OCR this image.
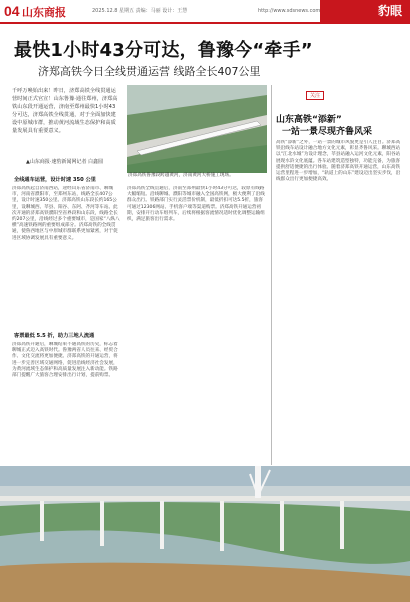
04 山东商报	2025.12.8 星期五 责编：马丽 设计：王慧	http://www.sdsnews.com	豹眼
最快1小时43分可达，鲁豫今“牵手”
济郑高铁今日全线贯通运营 线路全长407公里
千呼万唤始出来！昨日，济郑高铁全线贯通运营时间正式官宣！山东鲁豫·通往郑州，济郑高铁山东段开通运营，济南至郑州最快1小时43分可达，济郑高铁全线贯通，对于全面加快建设中原城市群，推动黄河流域生态保护和高质量发展具有重要意义。
▲山东商报·速豹新闻网记者 白鑫圆
济郑高铁鲁豫段跨越黄河，济南黄河大桥施工现场。
关注
山东高铁“添新”
一站一景尽现齐鲁风采
高铁“添新”之外，一站一景的城市风貌更是引人注目。济郑高铁沿线车站设计融合地方文化元素，彰显齐鲁风采。聊城西站以“江北水城”为设计理念，莘县站融入运河文化元素，阳谷站展现水浒文化底蕴。各车站建筑造型独特，功能完备，为旅客提供舒适便捷的出行体验。随着济郑高铁开通运营，山东高铁运营里程进一步增加，“轨道上的山东”建设迈出坚实步伐，沿线群众出行更加便捷高效。
全线通车运营，设计时速 350 公里
济郑高铁起自济南西站，途经山东省济南市、聊城市，河南省濮阳市，至郑州东站，线路全长407公里，设计时速350公里。济郑高铁山东段长约165公里，设聊城西、莘县、阳谷、东阿、齐河等车站。此次开通的济郑高铁濮阳至省界段和山东段，线路全长约207公里，沿线经过多个重要城市，是国家“八纵八横”高速铁路网的重要组成部分。济郑高铁的全线贯通，使鲁西地区与中原城市群联系更加紧密，对于促进区域协调发展具有重要意义。
客票最低 5.5 折，助力三地人流通
济郑高铁开通后，聊城结束不通高铁的历史，标志着聊城正式迈入高铁时代。鲁豫两省人员往来、经贸合作、文化交流将更加便捷。济郑高铁的开通运营，将进一步完善区域交通网络，促进沿线经济社会发展，为黄河流域生态保护和高质量发展注入新动能。铁路部门提醒广大旅客合理安排出行计划，提前购票。
济郑高铁全线贯通后，济南至郑州最快1小时43分可达，较原有线路大幅缩短。沿线聊城、濮阳等城市融入全国高铁网，极大便利了沿线群众出行。铁路部门实行灵活票价机制，最低折扣可达5.5折，旅客可通过12306网站、手机客户端等渠道购票。济郑高铁开通运营初期，安排开行动车组列车，后续将根据客流情况适时优化调整运输组织，满足旅客出行需求。
